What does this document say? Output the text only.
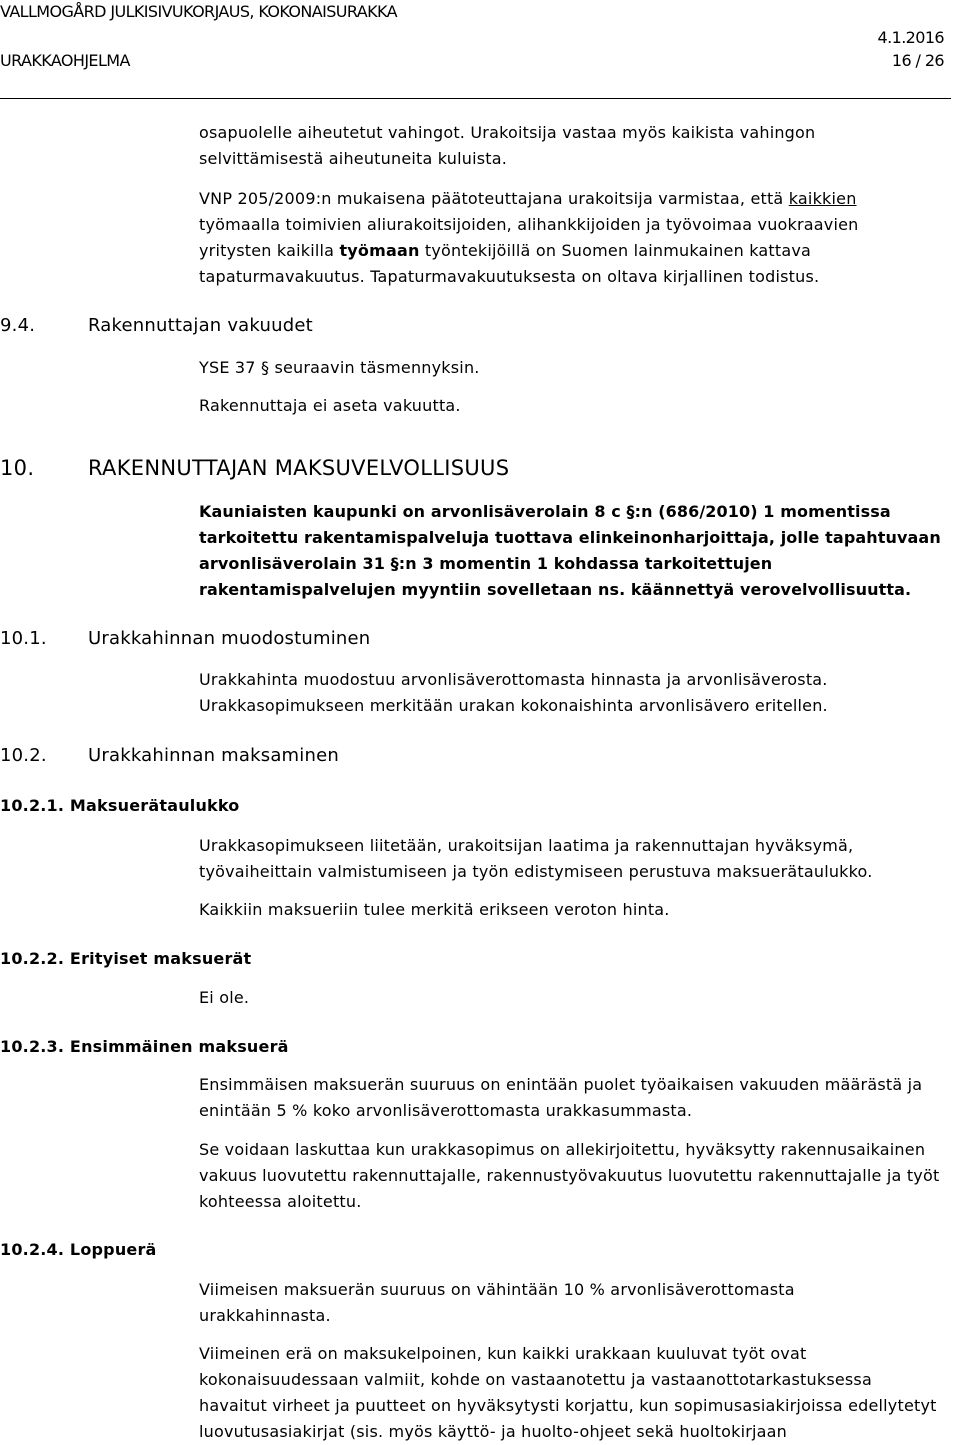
VALLMOGÅRD JULKISIVUKORJAUS, KOKONAISURAKKA
URAKKAOHJELMA
4.1.2016
16 / 26
osapuolelle aiheutetut vahingot. Urakoitsija vastaa myös kaikista vahingon
selvittämisestä aiheutuneita kuluista.
VNP 205/2009:n mukaisena päätoteuttajana urakoitsija varmistaa, että kaikkien työmaalla toimivien aliurakoitsijoiden, alihankkijoiden ja työvoimaa vuokraavien yritysten kaikilla työmaan työntekijöillä on Suomen lainmukainen kattava tapaturmavakuutus. Tapaturmavakuutuksesta on oltava kirjallinen todistus.
9.4.	Rakennuttajan vakuudet
YSE 37 § seuraavin täsmennyksin.
Rakennuttaja ei aseta vakuutta.
10.	RAKENNUTTAJAN MAKSUVELVOLLISUUS
Kauniaisten kaupunki on arvonlisäverolain 8 c §:n (686/2010) 1 momentissa tarkoitettu rakentamispalveluja tuottava elinkeinonharjoittaja, jolle tapahtuvaan arvonlisäverolain 31 §:n 3 momentin 1 kohdassa tarkoitettujen rakentamispalvelujen myyntiin sovelletaan ns. käännettyä verovelvollisuutta.
10.1. Urakkahinnan muodostuminen
Urakkahinta muodostuu arvonlisäverottomasta hinnasta ja arvonlisäverosta. Urakkasopimukseen merkitään urakan kokonaishinta arvonlisävero eritellen.
10.2. Urakkahinnan maksaminen
10.2.1. Maksuerätaulukko
Urakkasopimukseen liitetään, urakoitsijan laatima ja rakennuttajan hyväksymä, työvaiheittain valmistumiseen ja työn edistymiseen perustuva maksuerätaulukko.
Kaikkiin maksueriin tulee merkitä erikseen veroton hinta.
10.2.2. Erityiset maksuerät
Ei ole.
10.2.3. Ensimmäinen maksuerä
Ensimmäisen maksuerän suuruus on enintään puolet työaikaisen vakuuden määrästä ja enintään 5 % koko arvonlisäverottomasta urakkasummasta.
Se voidaan laskuttaa kun urakkasopimus on allekirjoitettu, hyväksytty rakennusaikainen vakuus luovutettu rakennuttajalle, rakennustyövakuutus luovutettu rakennuttajalle ja työt kohteessa aloitettu.
10.2.4. Loppuerä
Viimeisen maksuerän suuruus on vähintään 10 % arvonlisäverottomasta urakkahinnasta.
Viimeinen erä on maksukelpoinen, kun kaikki urakkaan kuuluvat työt ovat kokonaisuudessaan valmiit, kohde on vastaanotettu ja vastaanottotarkastuksessa havaitut virheet ja puutteet on hyväksytysti korjattu, kun sopimusasiakirjoissa edellytetyt luovutusasiakirjat (sis. myös käyttö- ja huolto-ohjeet sekä huoltokirjaan
